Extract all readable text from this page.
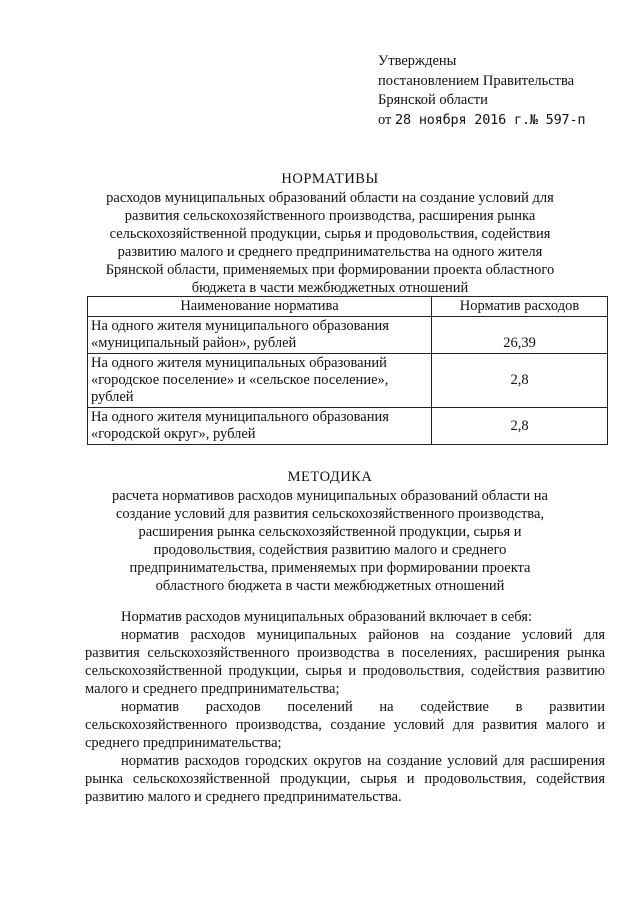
Утверждены
постановлением Правительства
Брянской области
от 28 ноября 2016 г.№ 597-п
НОРМАТИВЫ
расходов муниципальных образований области на создание условий для
развития сельскохозяйственного производства, расширения рынка
сельскохозяйственной продукции, сырья и продовольствия, содействия
развитию малого и среднего предпринимательства на одного жителя
Брянской области, применяемых при формировании проекта областного
бюджета в части межбюджетных отношений
Наименование норматива	Норматив расходов

На одного жителя муниципального образования
«муниципальный район», рублей	26,39

На одного жителя муниципальных образований
«городское поселение» и «сельское поселение»,
рублей	2,8

На одного жителя муниципального образования
«городской округ», рублей	2,8
МЕТОДИКА
расчета нормативов расходов муниципальных образований области на
создание условий для развития сельскохозяйственного производства,
расширения рынка сельскохозяйственной продукции, сырья и
продовольствия, содействия развитию малого и среднего
предпринимательства, применяемых при формировании проекта
областного бюджета в части межбюджетных отношений

Норматив расходов муниципальных образований включает в себя:

норматив расходов муниципальных районов на создание условий для развития сельскохозяйственного производства в поселениях, расширения рынка сельскохозяйственной продукции, сырья и продовольствия, содействия развитию малого и среднего предпринимательства;

норматив расходов поселений на содействие в развитии сельскохозяйственного производства, создание условий для развития малого и среднего предпринимательства;

норматив расходов городских округов на создание условий для расширения рынка сельскохозяйственной продукции, сырья и продовольствия, содействия развитию малого и среднего предпринимательства.
